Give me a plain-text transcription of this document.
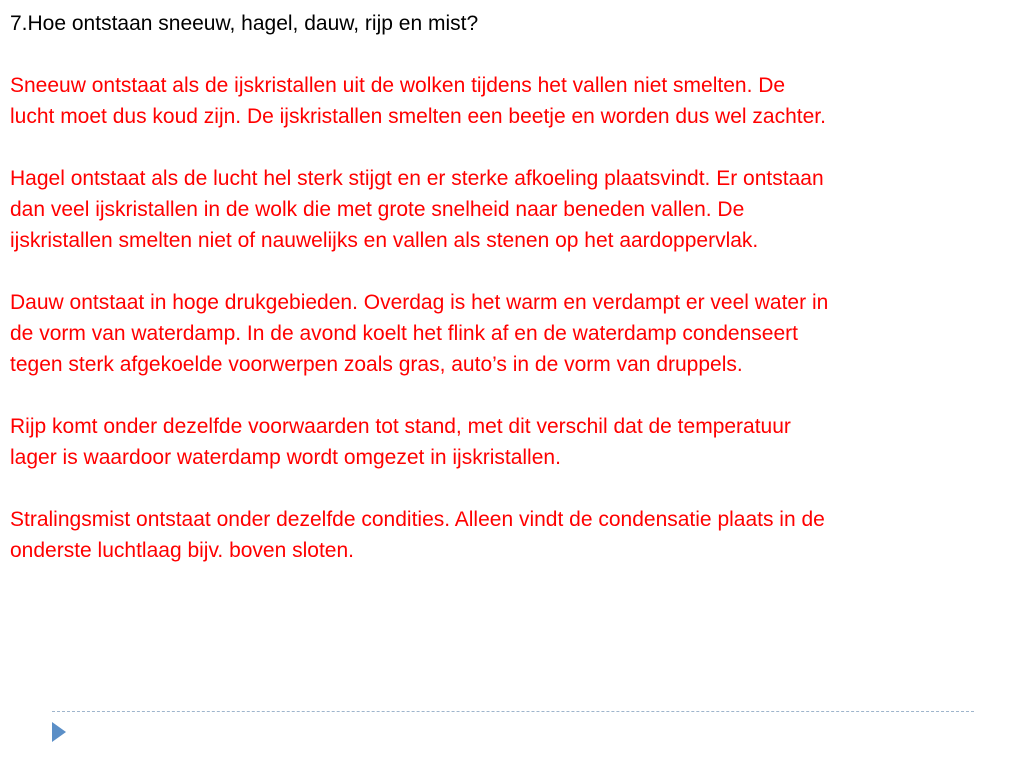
7.Hoe ontstaan sneeuw, hagel, dauw, rijp en mist?

Sneeuw ontstaat als de ijskristallen uit de wolken tijdens het vallen niet smelten. De
lucht moet dus koud zijn. De ijskristallen smelten een beetje en worden dus wel zachter.

Hagel ontstaat als de lucht hel sterk stijgt en er sterke afkoeling plaatsvindt. Er ontstaan
dan veel ijskristallen in de wolk die met grote snelheid naar beneden vallen. De
ijskristallen smelten niet of nauwelijks en vallen als stenen op het aardoppervlak.

Dauw ontstaat in hoge drukgebieden. Overdag is het warm en verdampt er veel water in
de vorm van waterdamp. In de avond koelt het flink af en de waterdamp condenseert
tegen sterk afgekoelde voorwerpen zoals gras, auto’s in de vorm van druppels.

Rijp komt onder dezelfde voorwaarden tot stand, met dit verschil dat de temperatuur
lager is waardoor waterdamp wordt omgezet in ijskristallen.

Stralingsmist ontstaat onder dezelfde condities. Alleen vindt de condensatie plaats in de
onderste luchtlaag bijv. boven sloten.
